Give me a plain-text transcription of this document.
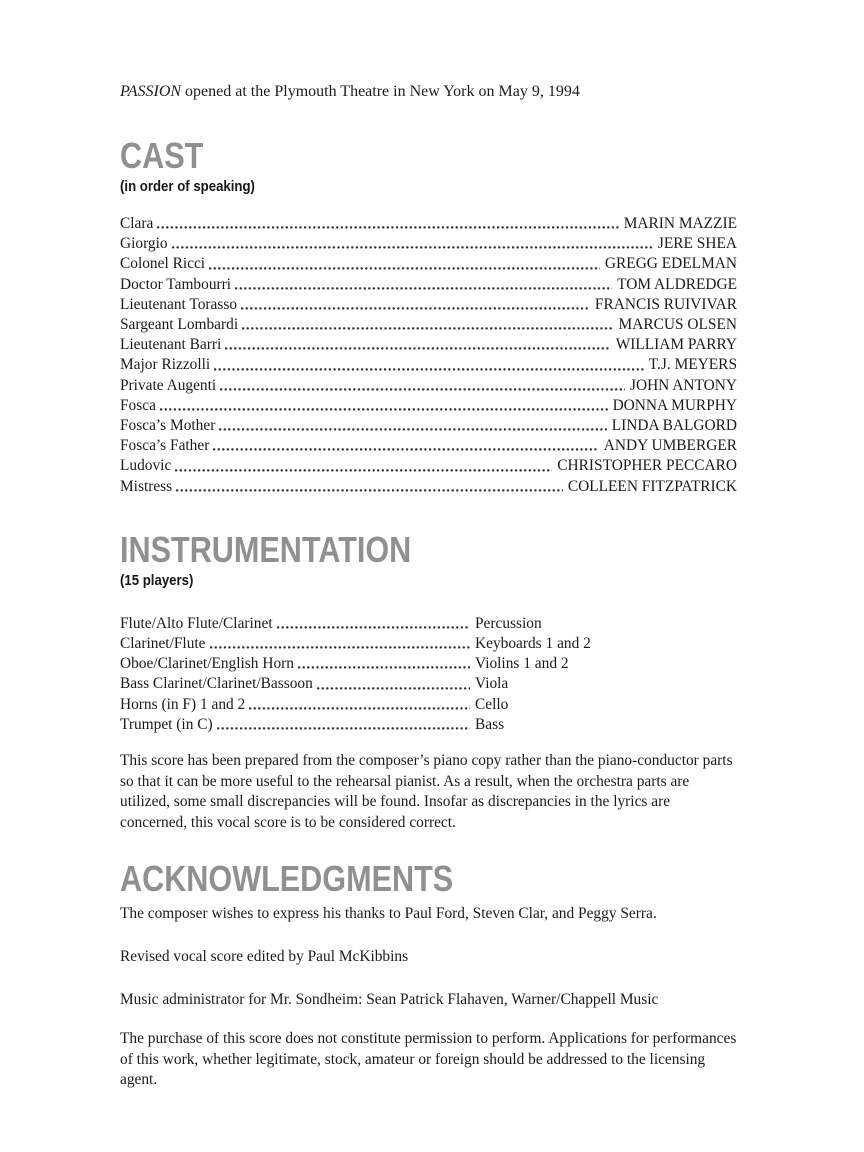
PASSION opened at the Plymouth Theatre in New York on May 9, 1994

CAST
(in order of speaking)
Clara	MARIN MAZZIE
Giorgio	JERE SHEA
Colonel Ricci	GREGG EDELMAN
Doctor Tambourri	TOM ALDREDGE
Lieutenant Torasso	FRANCIS RUIVIVAR
Sargeant Lombardi	MARCUS OLSEN
Lieutenant Barri	WILLIAM PARRY
Major Rizzolli	T.J. MEYERS
Private Augenti	JOHN ANTONY
Fosca	DONNA MURPHY
Fosca’s Mother	LINDA BALGORD
Fosca’s Father	ANDY UMBERGER
Ludovic	CHRISTOPHER PECCARO
Mistress	COLLEEN FITZPATRICK
INSTRUMENTATION
(15 players)
Flute/Alto Flute/Clarinet	Percussion
Clarinet/Flute	Keyboards 1 and 2
Oboe/Clarinet/English Horn	Violins 1 and 2
Bass Clarinet/Clarinet/Bassoon	Viola
Horns (in F) 1 and 2	Cello
Trumpet (in C)	Bass

This score has been prepared from the composer’s piano copy rather than the piano-conductor parts so that it can be more useful to the rehearsal pianist. As a result, when the orchestra parts are utilized, some small discrepancies will be found. Insofar as discrepancies in the lyrics are concerned, this vocal score is to be considered correct.

ACKNOWLEDGMENTS

The composer wishes to express his thanks to Paul Ford, Steven Clar, and Peggy Serra.

Revised vocal score edited by Paul McKibbins

Music administrator for Mr. Sondheim: Sean Patrick Flahaven, Warner/Chappell Music

The purchase of this score does not constitute permission to perform. Applications for performances of this work, whether legitimate, stock, amateur or foreign should be addressed to the licensing agent.
